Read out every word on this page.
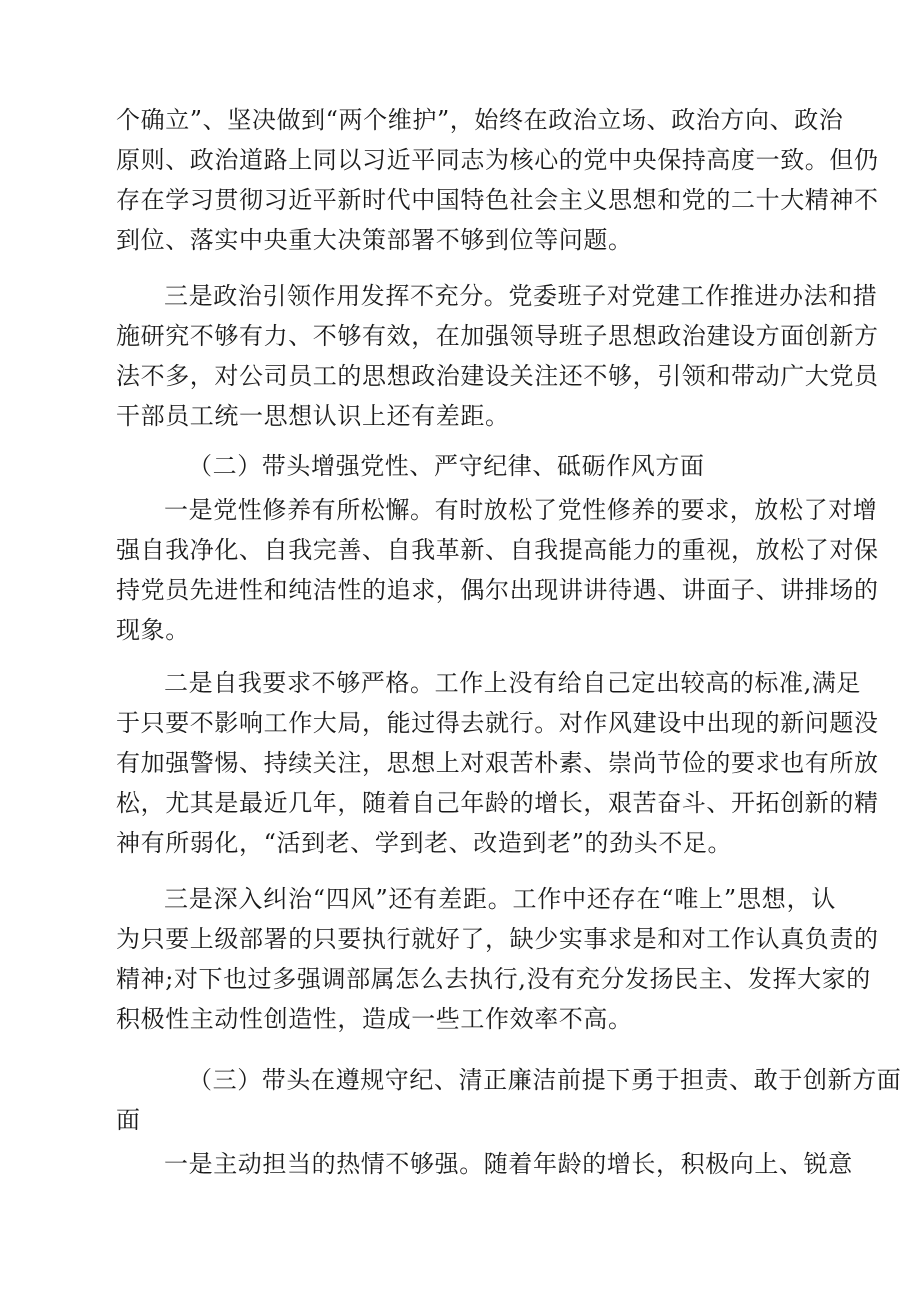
个确立”、坚决做到“两个维护”，始终在政治立场、政治方向、政治
原则、政治道路上同以习近平同志为核心的党中央保持高度一致。但仍
存在学习贯彻习近平新时代中国特色社会主义思想和党的二十大精神不
到位、落实中央重大决策部署不够到位等问题。
三是政治引领作用发挥不充分。党委班子对党建工作推进办法和措
施研究不够有力、不够有效，在加强领导班子思想政治建设方面创新方
法不多，对公司员工的思想政治建设关注还不够，引领和带动广大党员
干部员工统一思想认识上还有差距。
（二）带头增强党性、严守纪律、砥砺作风方面
一是党性修养有所松懈。有时放松了党性修养的要求，放松了对增
强自我净化、自我完善、自我革新、自我提高能力的重视，放松了对保
持党员先进性和纯洁性的追求，偶尔出现讲讲待遇、讲面子、讲排场的
现象。
二是自我要求不够严格。工作上没有给自己定出较高的标准,满足
于只要不影响工作大局，能过得去就行。对作风建设中出现的新问题没
有加强警惕、持续关注，思想上对艰苦朴素、崇尚节俭的要求也有所放
松，尤其是最近几年，随着自己年龄的增长，艰苦奋斗、开拓创新的精
神有所弱化，“活到老、学到老、改造到老”的劲头不足。
三是深入纠治“四风”还有差距。工作中还存在“唯上”思想，认
为只要上级部署的只要执行就好了，缺少实事求是和对工作认真负责的
精神;对下也过多强调部属怎么去执行,没有充分发扬民主、发挥大家的
积极性主动性创造性，造成一些工作效率不高。
（三）带头在遵规守纪、清正廉洁前提下勇于担责、敢于创新方面
面
一是主动担当的热情不够强。随着年龄的增长，积极向上、锐意
